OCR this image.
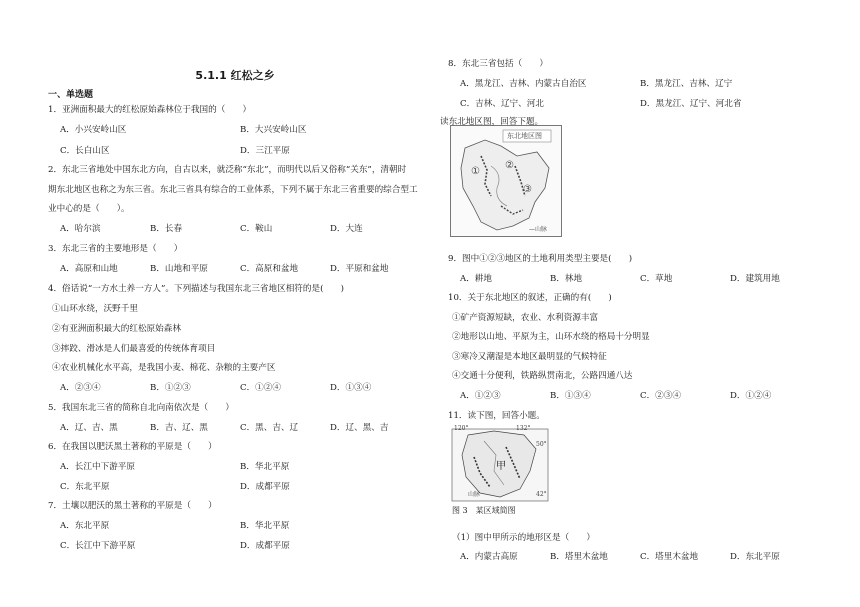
5.1.1 红松之乡
一、单选题
1．亚洲面积最大的红松原始森林位于我国的（　　）
A．小兴安岭山区	B．大兴安岭山区
C．长白山区	D．三江平原
2．东北三省地处中国东北方向，自古以来，就泛称“东北”，而明代以后又俗称“关东”，清朝时
期东北地区也称之为东三省。东北三省具有综合的工业体系，下列不属于东北三省重要的综合型工
业中心的是（　　）。
A．哈尔滨	B．长春	C．鞍山	D．大连
3．东北三省的主要地形是（　　）
A．高原和山地	B．山地和平原	C．高原和盆地	D．平原和盆地
4．俗话说“一方水土养一方人”。下列描述与我国东北三省地区相符的是(　　)
①山环水绕，沃野千里
②有亚洲面积最大的红松原始森林
③摔跤、滑冰是人们最喜爱的传统体育项目
④农业机械化水平高，是我国小麦、棉花、杂粮的主要产区
A．②③④	B．①②③	C．①②④	D．①③④
5．我国东北三省的简称自北向南依次是（　　）
A．辽、吉、黑	B．吉、辽、黑	C．黑、吉、辽	D．辽、黑、吉
6．在我国以肥沃黑土著称的平原是（　　）
A．长江中下游平原	B．华北平原
C．东北平原	D．成都平原
7．土壤以肥沃的黑土著称的平原是（　　）
A．东北平原	B．华北平原
C．长江中下游平原	D．成都平原
东北地区图
①
②
③
—山脉
120°	132°
50°
42°
甲
山脉
图 3　某区域简图
8．东北三省包括（　　）
A．黑龙江、吉林、内蒙古自治区	B．黑龙江、吉林、辽宁
C．吉林、辽宁、河北	D．黑龙江、辽宁、河北省
读东北地区图，回答下题。
9．图中①②③地区的土地利用类型主要是(　　)
A．耕地	B．林地	C．草地	D．建筑用地
10．关于东北地区的叙述，正确的有(　　)
①矿产资源短缺，农业、水利资源丰富
②地形以山地、平原为主，山环水绕的格局十分明显
③寒冷又潮湿是本地区最明显的气候特征
④交通十分便利，铁路纵贯南北，公路四通八达
A．①②③	B．①③④	C．②③④	D．①②④
11．读下图，回答小题。
（1）图中甲所示的地形区是（　　）
A．内蒙古高原	B．塔里木盆地	C．塔里木盆地	D．东北平原
